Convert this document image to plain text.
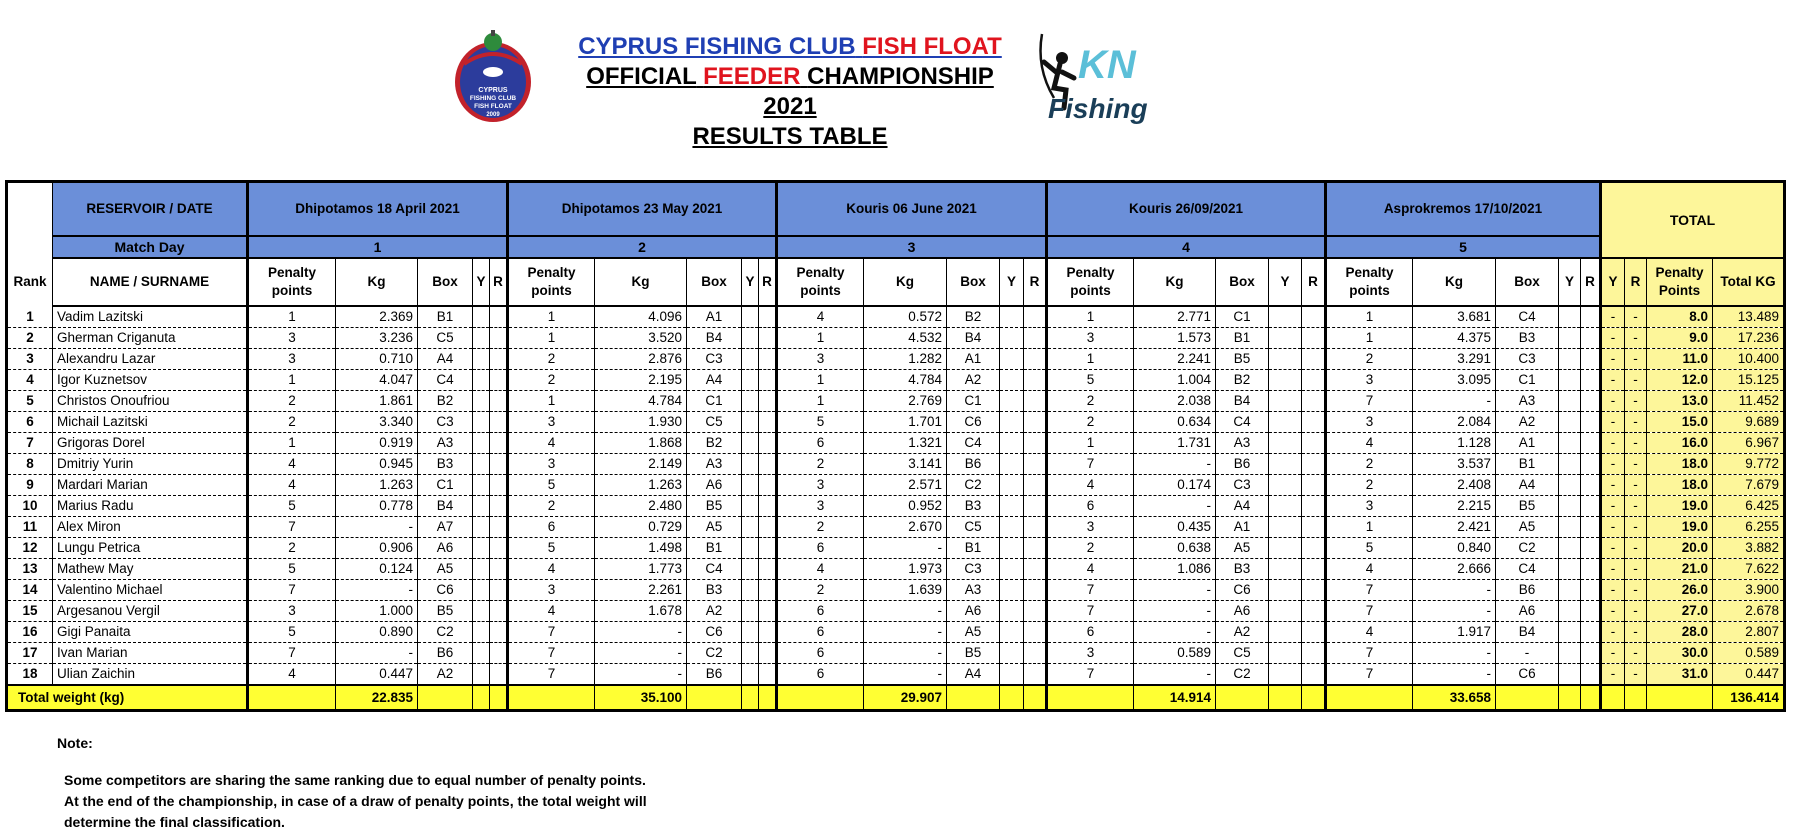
CYPRUS
FISHING CLUB
FISH FLOAT
2009
CYPRUS FISHING CLUB FISH FLOAT
OFFICIAL FEEDER CHAMPIONSHIP 2021
RESULTS TABLE
KN
Fishing
Rank	RESERVOIR / DATE	Dhipotamos 18 April 2021					Dhipotamos 23 May 2021					Kouris 06 June 2021					Kouris 26/09/2021					Asprokremos 17/10/2021					TOTAL			
	Match Day	1					2					3					4					5								
	NAME / SURNAME	Penalty points	Kg	Box	Y	R	Penalty points	Kg	Box	Y	R	Penalty points	Kg	Box	Y	R	Penalty points	Kg	Box	Y	R	Penalty points	Kg	Box	Y	R	Y	R	Penalty Points	Total KG
1	Vadim Lazitski	1	2.369	B1			1	4.096	A1			4	0.572	B2			1	2.771	C1			1	3.681	C4			-	-	8.0	13.489
2	Gherman Criganuta	3	3.236	C5			1	3.520	B4			1	4.532	B4			3	1.573	B1			1	4.375	B3			-	-	9.0	17.236
3	Alexandru Lazar	3	0.710	A4			2	2.876	C3			3	1.282	A1			1	2.241	B5			2	3.291	C3			-	-	11.0	10.400
4	Igor Kuznetsov	1	4.047	C4			2	2.195	A4			1	4.784	A2			5	1.004	B2			3	3.095	C1			-	-	12.0	15.125
5	Christos Onoufriou	2	1.861	B2			1	4.784	C1			1	2.769	C1			2	2.038	B4			7	-	A3			-	-	13.0	11.452
6	Michail Lazitski	2	3.340	C3			3	1.930	C5			5	1.701	C6			2	0.634	C4			3	2.084	A2			-	-	15.0	9.689
7	Grigoras Dorel	1	0.919	A3			4	1.868	B2			6	1.321	C4			1	1.731	A3			4	1.128	A1			-	-	16.0	6.967
8	Dmitriy Yurin	4	0.945	B3			3	2.149	A3			2	3.141	B6			7	-	B6			2	3.537	B1			-	-	18.0	9.772
9	Mardari Marian	4	1.263	C1			5	1.263	A6			3	2.571	C2			4	0.174	C3			2	2.408	A4			-	-	18.0	7.679
10	Marius Radu	5	0.778	B4			2	2.480	B5			3	0.952	B3			6	-	A4			3	2.215	B5			-	-	19.0	6.425
11	Alex Miron	7	-	A7			6	0.729	A5			2	2.670	C5			3	0.435	A1			1	2.421	A5			-	-	19.0	6.255
12	Lungu Petrica	2	0.906	A6			5	1.498	B1			6	-	B1			2	0.638	A5			5	0.840	C2			-	-	20.0	3.882
13	Mathew May	5	0.124	A5			4	1.773	C4			4	1.973	C3			4	1.086	B3			4	2.666	C4			-	-	21.0	7.622
14	Valentino Michael	7	-	C6			3	2.261	B3			2	1.639	A3			7	-	C6			7	-	B6			-	-	26.0	3.900
15	Argesanou Vergil	3	1.000	B5			4	1.678	A2			6	-	A6			7	-	A6			7	-	A6			-	-	27.0	2.678
16	Gigi Panaita	5	0.890	C2			7	-	C6			6	-	A5			6	-	A2			4	1.917	B4			-	-	28.0	2.807
17	Ivan Marian	7	-	B6			7	-	C2			6	-	B5			3	0.589	C5			7	-	-			-	-	30.0	0.589
18	Ulian Zaichin	4	0.447	A2			7	-	B6			6	-	A4			7	-	C2			7	-	C6			-	-	31.0	0.447
Total weight (kg)			22.835					35.100					29.907					14.914					33.658							136.414
Note:
Some competitors are sharing the same ranking due to equal number of penalty points.
At the end of the championship, in case of a draw of penalty points, the total weight will
determine the final classification.
